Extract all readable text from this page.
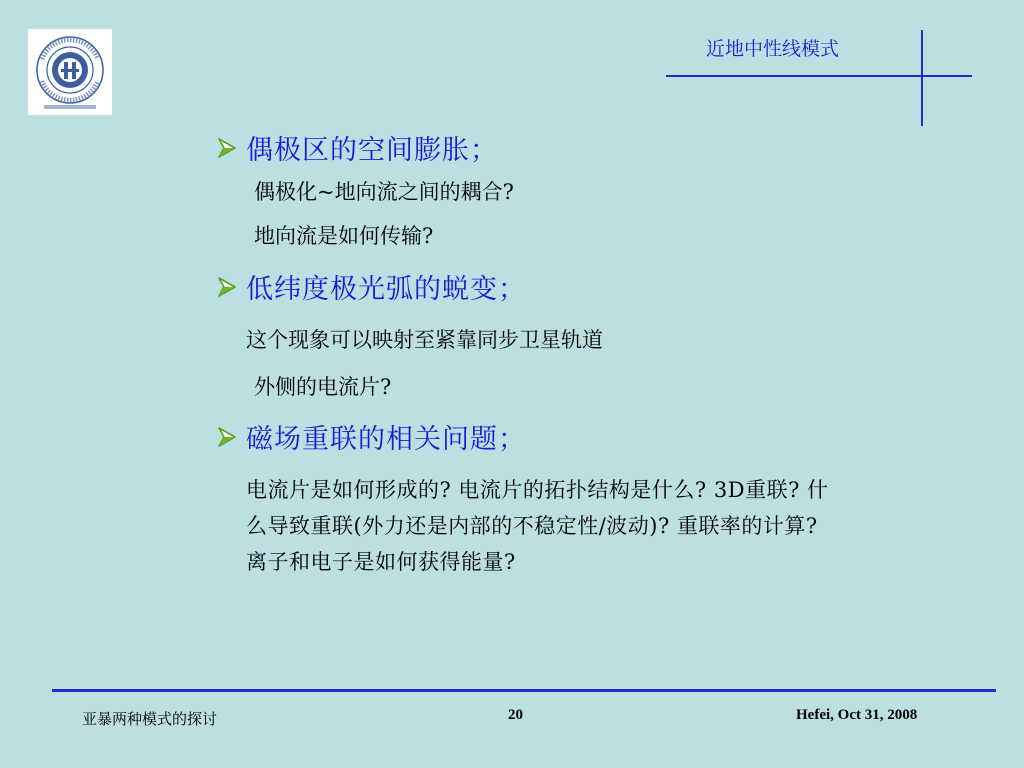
近地中性线模式
偶极区的空间膨胀；
偶极化~地向流之间的耦合?
地向流是如何传输?
低纬度极光弧的蜕变；
这个现象可以映射至紧靠同步卫星轨道
外侧的电流片?
磁场重联的相关问题；
电流片是如何形成的? 电流片的拓扑结构是什么? 3D重联? 什么导致重联(外力还是内部的不稳定性/波动)? 重联率的计算? 离子和电子是如何获得能量?
亚暴两种模式的探讨	20	Hefei, Oct 31, 2008
